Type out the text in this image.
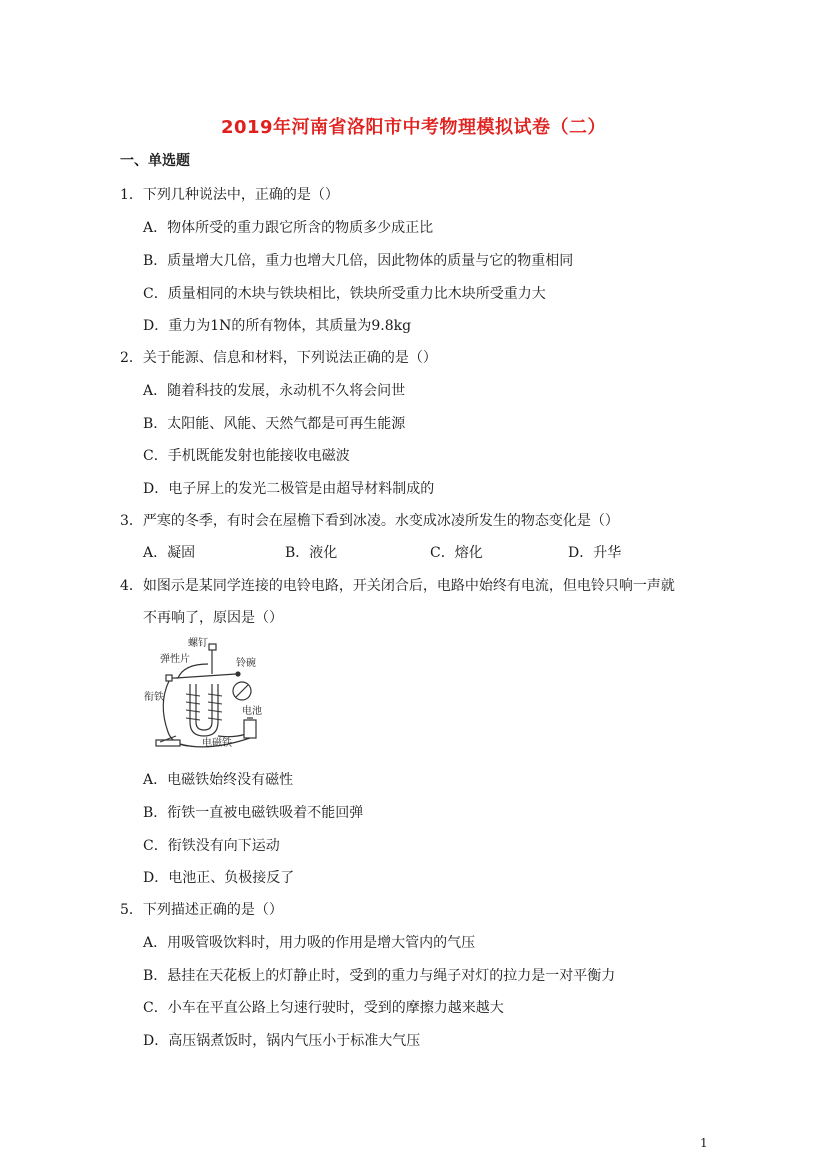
2019年河南省洛阳市中考物理模拟试卷（二）
一、单选题
1．下列几种说法中，正确的是（）
A．物体所受的重力跟它所含的物质多少成正比
B．质量增大几倍，重力也增大几倍，因此物体的质量与它的物重相同
C．质量相同的木块与铁块相比，铁块所受重力比木块所受重力大
D．重力为1N的所有物体，其质量为9.8kg
2．关于能源、信息和材料，下列说法正确的是（）
A．随着科技的发展，永动机不久将会问世
B．太阳能、风能、天然气都是可再生能源
C．手机既能发射也能接收电磁波
D．电子屏上的发光二极管是由超导材料制成的
3．严寒的冬季，有时会在屋檐下看到冰凌。水变成冰凌所发生的物态变化是（）
A．凝固	B．液化	C．熔化	D．升华
4．如图示是某同学连接的电铃电路，开关闭合后，电路中始终有电流，但电铃只响一声就
不再响了，原因是（）
螺钉
弹性片	铃碗
衔铁
电池
电磁铁
A．电磁铁始终没有磁性
B．衔铁一直被电磁铁吸着不能回弹
C．衔铁没有向下运动
D．电池正、负极接反了
5．下列描述正确的是（）
A．用吸管吸饮料时，用力吸的作用是增大管内的气压
B．悬挂在天花板上的灯静止时，受到的重力与绳子对灯的拉力是一对平衡力
C．小车在平直公路上匀速行驶时，受到的摩擦力越来越大
D．高压锅煮饭时，锅内气压小于标准大气压
1
